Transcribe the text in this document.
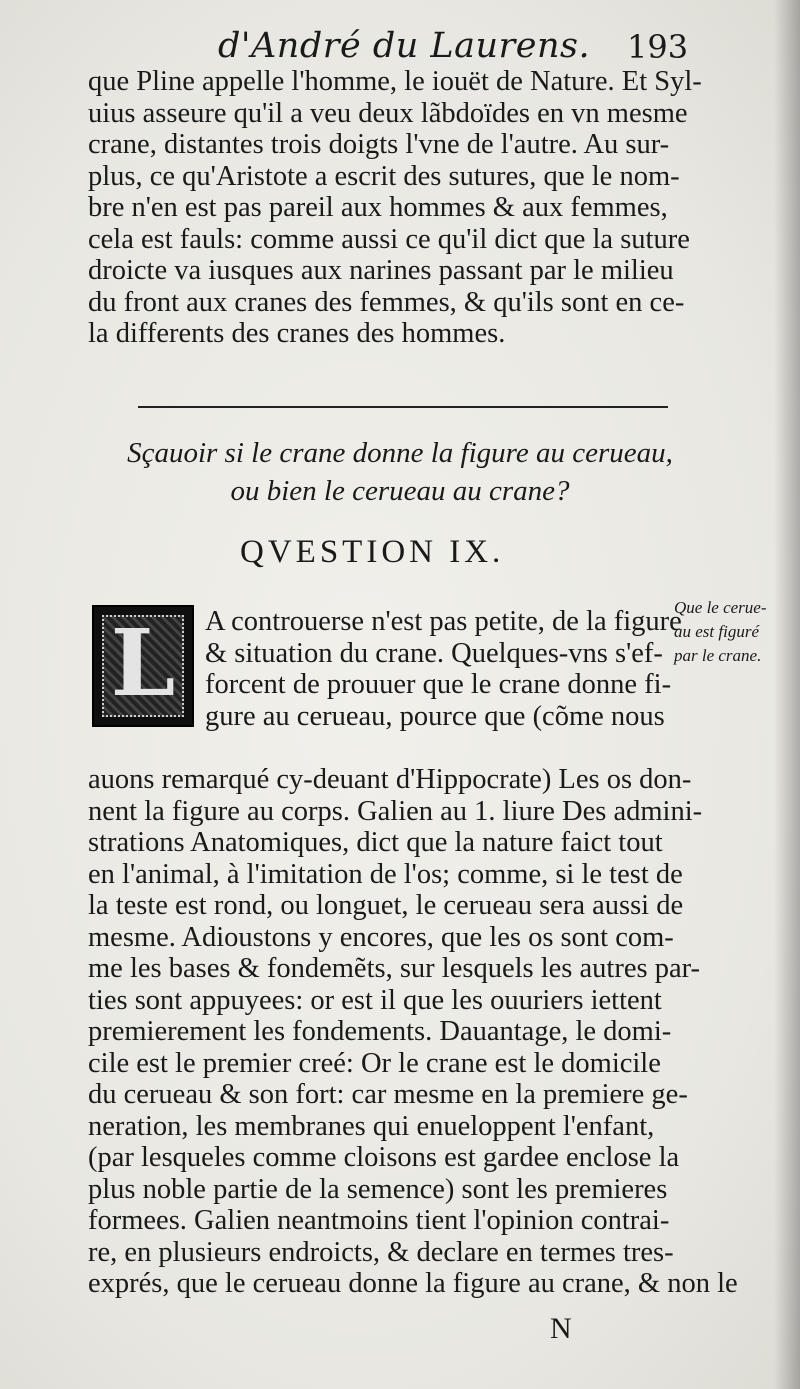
d'André du Laurens. 193
que Pline appelle l'homme, le iouët de Nature. Et Syl-
uius asseure qu'il a veu deux lãbdoïdes en vn mesme
crane, distantes trois doigts l'vne de l'autre. Au sur-
plus, ce qu'Aristote a escrit des sutures, que le nom-
bre n'en est pas pareil aux hommes & aux femmes,
cela est fauls: comme aussi ce qu'il dict que la suture
droicte va iusques aux narines passant par le milieu
du front aux cranes des femmes, & qu'ils sont en ce-
la differents des cranes des hommes.
Sçauoir si le crane donne la figure au cerueau,
ou bien le cerueau au crane?
QVESTION IX.
L	A controuerse n'est pas petite, de la figure
& situation du crane. Quelques-vns s'ef-
forcent de prouuer que le crane donne fi-
gure au cerueau, pource que (cõme nous
Que le cerue-
au est figuré
par le crane.
auons remarqué cy-deuant d'Hippocrate) Les os don-
nent la figure au corps. Galien au 1. liure Des admini-
strations Anatomiques, dict que la nature faict tout
en l'animal, à l'imitation de l'os; comme, si le test de
la teste est rond, ou longuet, le cerueau sera aussi de
mesme. Adioustons y encores, que les os sont com-
me les bases & fondemẽts, sur lesquels les autres par-
ties sont appuyees: or est il que les ouuriers iettent
premierement les fondements. Dauantage, le domi-
cile est le premier creé: Or le crane est le domicile
du cerueau & son fort: car mesme en la premiere ge-
neration, les membranes qui enueloppent l'enfant,
(par lesqueles comme cloisons est gardee enclose la
plus noble partie de la semence) sont les premieres
formees. Galien neantmoins tient l'opinion contrai-
re, en plusieurs endroicts, & declare en termes tres-
exprés, que le cerueau donne la figure au crane, & non le
N
